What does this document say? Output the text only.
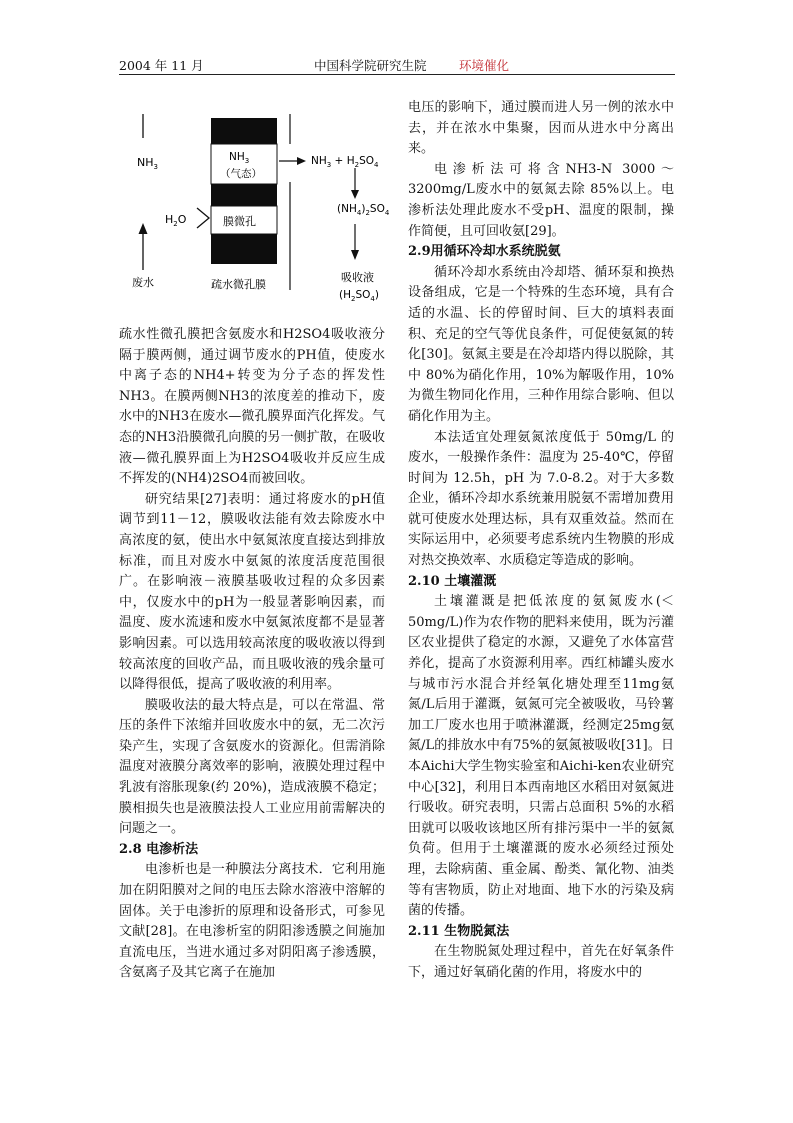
2004 年 11 月	中国科学院研究生院	环境催化
$NH_3$
废水
$NH_3$
（气态）
膜微孔
疏水微孔膜
$H_2O$
$NH_3 + H_2SO_4$
$(NH_4)_2SO_4$
吸收液
$(H_2SO_4)$

疏水性微孔膜把含氨废水和H2SO4吸收液分隔于膜两侧，通过调节废水的PH值，使废水中离子态的NH4+转变为分子态的挥发性NH3。在膜两侧NH3的浓度差的推动下，废水中的NH3在废水—微孔膜界面汽化挥发。气态的NH3沿膜微孔向膜的另一侧扩散，在吸收液—微孔膜界面上为H2SO4吸收并反应生成不挥发的(NH4)2SO4而被回收。

研究结果[27]表明：通过将废水的pH值调节到11－12，膜吸收法能有效去除废水中高浓度的氨，使出水中氨氮浓度直接达到排放标准，而且对废水中氨氮的浓度活度范围很广。在影响液－液膜基吸收过程的众多因素中，仅废水中的pH为一般显著影响因素，而温度、废水流速和废水中氨氮浓度都不是显著影响因素。可以选用较高浓度的吸收液以得到较高浓度的回收产品，而且吸收液的残余量可以降得很低，提高了吸收液的利用率。

膜吸收法的最大特点是，可以在常温、常压的条件下浓缩并回收废水中的氨，无二次污染产生，实现了含氨废水的资源化。但需消除温度对液膜分离效率的影响，液膜处理过程中乳波有溶胀现象(约 20%)，造成液膜不稳定；膜相损失也是液膜法投人工业应用前需解决的问题之一。

2.8 电渗析法

电渗析也是一种膜法分离技术．它利用施加在阴阳膜对之间的电压去除水溶液中溶解的固体。关于电渗折的原理和设备形式，可参见文献[28]。在电渗析室的阴阳渗透膜之间施加直流电压，当进水通过多对阴阳离子渗透膜，含氨离子及其它离子在施加

电压的影响下，通过膜而进人另一例的浓水中去，并在浓水中集聚，因而从进水中分离出来。

电渗析法可将含NH3-N 3000～3200mg/L废水中的氨氮去除 85%以上。电渗析法处理此废水不受pH、温度的限制，操作简便，且可回收氨[29]。

2.9用循环冷却水系统脱氨

循环冷却水系统由冷却塔、循环泵和换热设备组成，它是一个特殊的生态环境，具有合适的水温、长的停留时间、巨大的填料表面积、充足的空气等优良条件，可促使氨氮的转化[30]。氨氮主要是在冷却塔内得以脱除，其中 80%为硝化作用，10%为解吸作用，10%为微生物同化作用，三种作用综合影响、但以硝化作用为主。

本法适宜处理氨氮浓度低于 50mg/L 的废水，一般操作条件：温度为 25-40℃，停留时间为 12.5h，pH 为 7.0-8.2。对于大多数企业，循环冷却水系统兼用脱氨不需增加费用就可使废水处理达标，具有双重效益。然而在实际运用中，必须要考虑系统内生物膜的形成对热交换效率、水质稳定等造成的影响。

2.10 土壤灌溉

土壤灌溉是把低浓度的氨氮废水(＜50mg/L)作为农作物的肥料来使用，既为污灌区农业提供了稳定的水源，又避免了水体富营养化，提高了水资源利用率。西红柿罐头废水与城市污水混合并经氧化塘处理至11mg氨氮/L后用于灌溉，氨氮可完全被吸收，马铃薯加工厂废水也用于喷淋灌溉，经测定25mg氨氮/L的排放水中有75%的氨氮被吸收[31]。日本Aichi大学生物实验室和Aichi-ken农业研究中心[32]，利用日本西南地区水稻田对氨氮进行吸收。研究表明，只需占总面积 5%的水稻田就可以吸收该地区所有排污渠中一半的氨氮负荷。但用于土壤灌溉的废水必须经过预处理，去除病菌、重金属、酚类、氰化物、油类等有害物质，防止对地面、地下水的污染及病菌的传播。

2.11 生物脱氮法

在生物脱氮处理过程中，首先在好氧条件下，通过好氧硝化菌的作用，将废水中的
